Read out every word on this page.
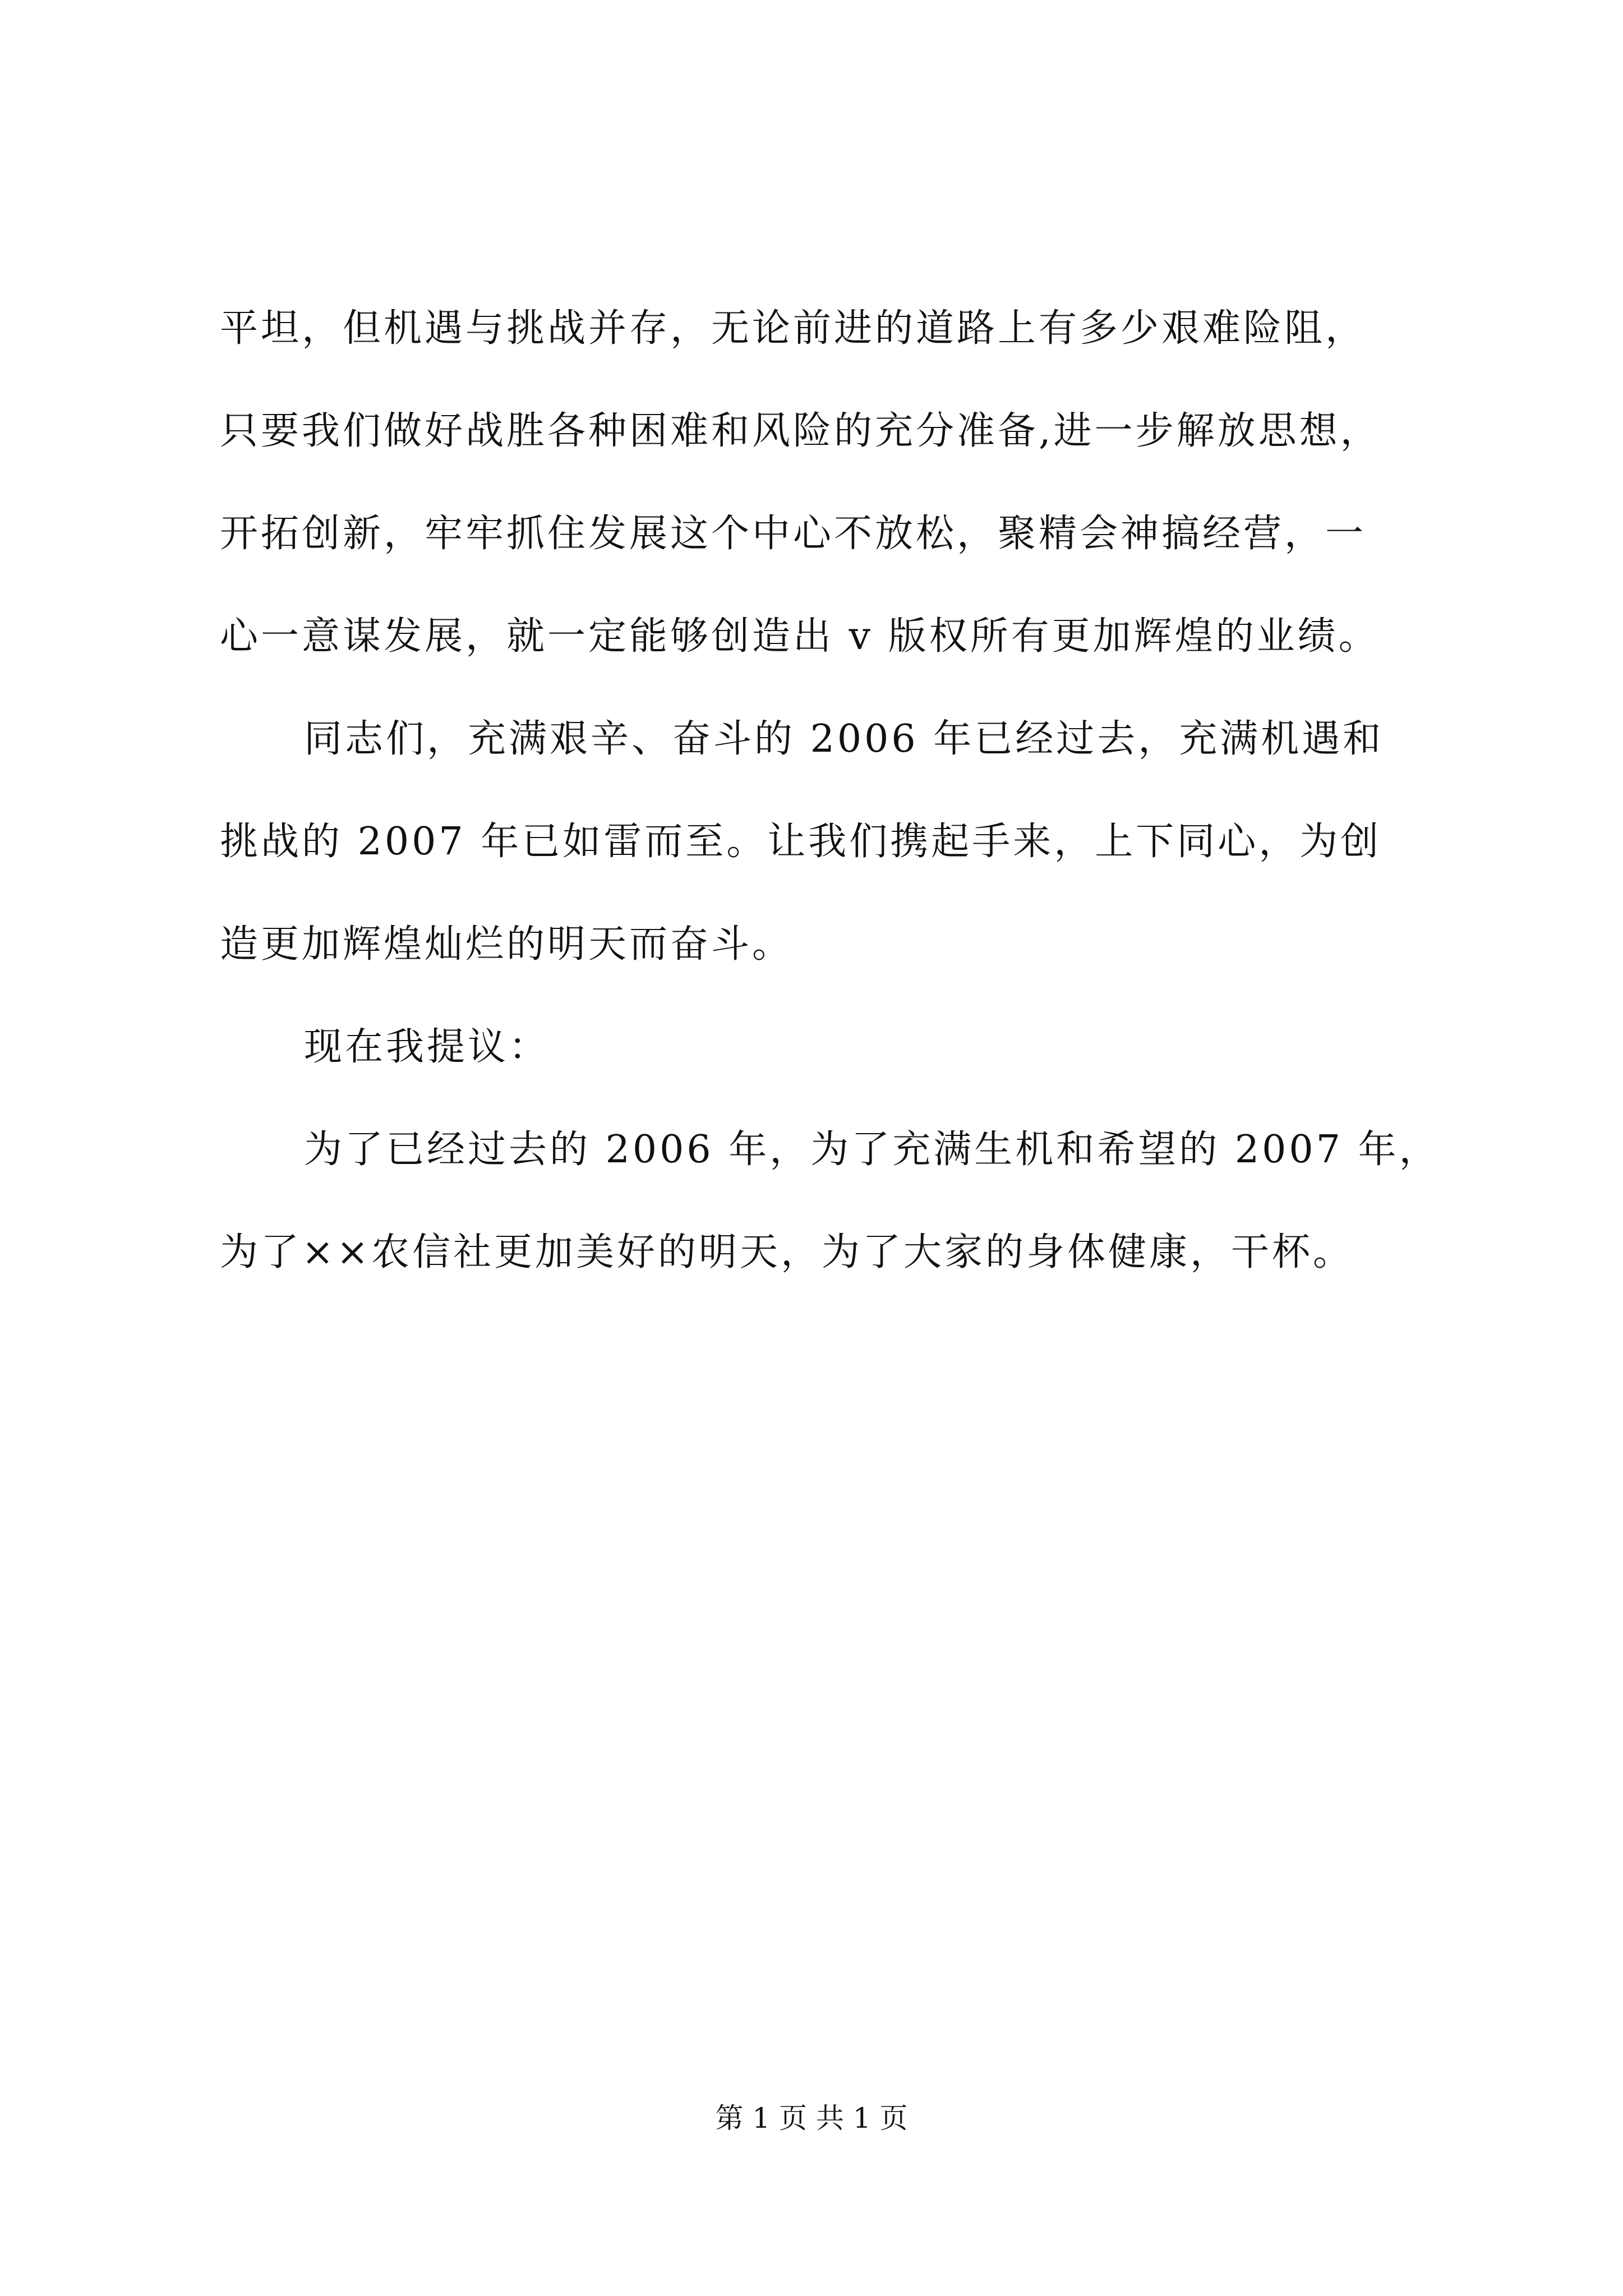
平坦，但机遇与挑战并存，无论前进的道路上有多少艰难险阻，
只要我们做好战胜各种困难和风险的充分准备,进一步解放思想，
开拓创新，牢牢抓住发展这个中心不放松，聚精会神搞经营，一
心一意谋发展，就一定能够创造出 v 版权所有更加辉煌的业绩。
同志们，充满艰辛、奋斗的 2006 年已经过去，充满机遇和
挑战的 2007 年已如雷而至。让我们携起手来，上下同心，为创
造更加辉煌灿烂的明天而奋斗。
现在我提议：
为了已经过去的 2006 年，为了充满生机和希望的 2007 年，
为了××农信社更加美好的明天，为了大家的身体健康，干杯。
第 1 页 共 1 页
